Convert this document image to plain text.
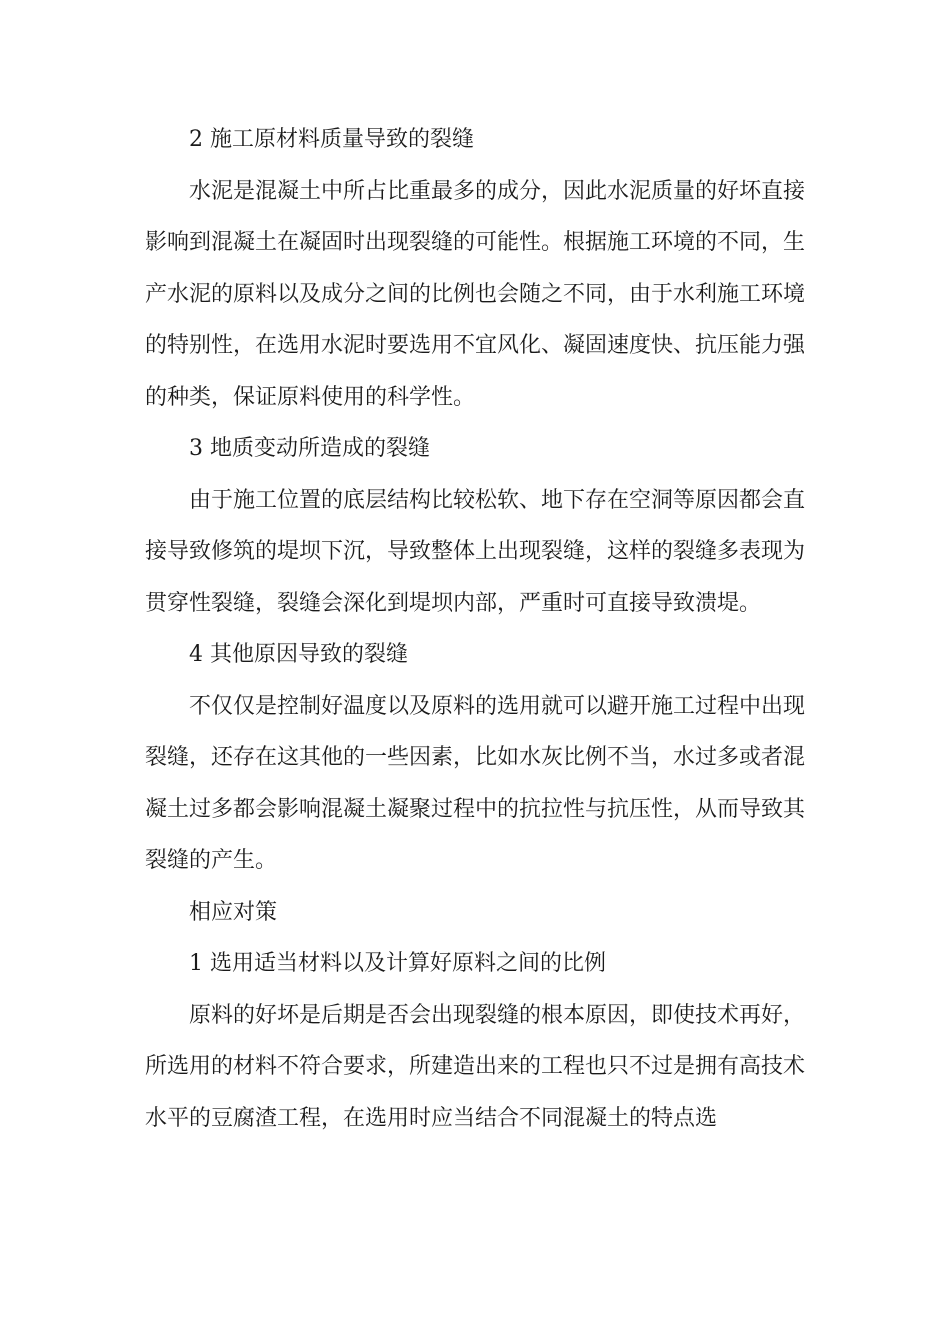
2 施工原材料质量导致的裂缝

水泥是混凝土中所占比重最多的成分，因此水泥质量的好坏直接影响到混凝土在凝固时出现裂缝的可能性。根据施工环境的不同，生产水泥的原料以及成分之间的比例也会随之不同，由于水利施工环境的特别性，在选用水泥时要选用不宜风化、凝固速度快、抗压能力强的种类，保证原料使用的科学性。

3 地质变动所造成的裂缝

由于施工位置的底层结构比较松软、地下存在空洞等原因都会直接导致修筑的堤坝下沉，导致整体上出现裂缝，这样的裂缝多表现为贯穿性裂缝，裂缝会深化到堤坝内部，严重时可直接导致溃堤。

4 其他原因导致的裂缝

不仅仅是控制好温度以及原料的选用就可以避开施工过程中出现裂缝，还存在这其他的一些因素，比如水灰比例不当，水过多或者混凝土过多都会影响混凝土凝聚过程中的抗拉性与抗压性，从而导致其裂缝的产生。

相应对策

1 选用适当材料以及计算好原料之间的比例

原料的好坏是后期是否会出现裂缝的根本原因，即使技术再好，所选用的材料不符合要求，所建造出来的工程也只不过是拥有高技术水平的豆腐渣工程，在选用时应当结合不同混凝土的特点选
